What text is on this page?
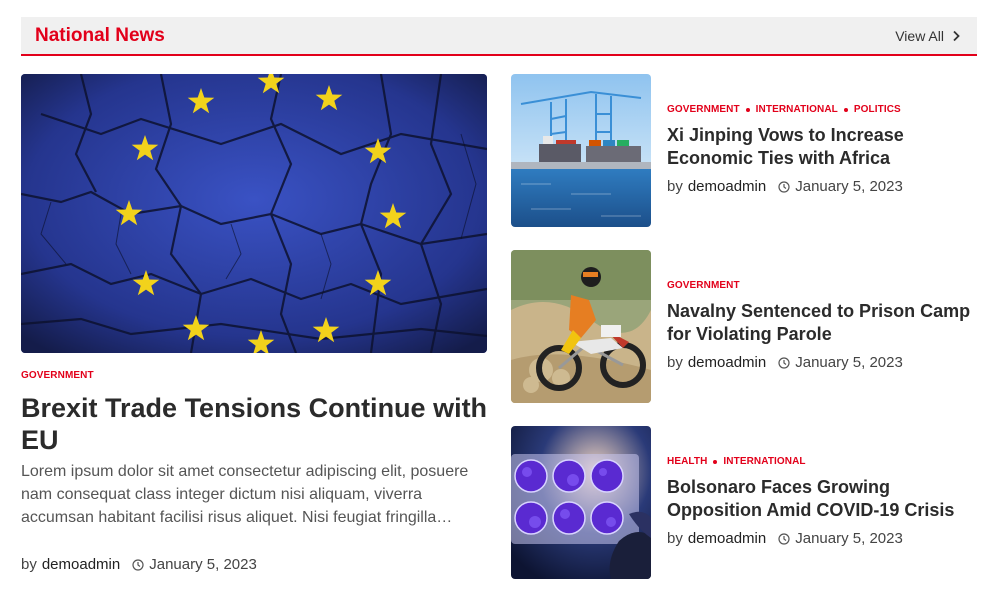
National News	View All
GOVERNMENT
Brexit Trade Tensions Continue with EU
Lorem ipsum dolor sit amet consectetur adipiscing elit, posuere nam consequat class integer dictum nisi aliquam, viverra accumsan habitant facilisi risus aliquet. Nisi feugiat fringilla…
by demoadmin January 5, 2023
GOVERNMENT INTERNATIONAL POLITICS
Xi Jinping Vows to Increase Economic Ties with Africa
by demoadmin January 5, 2023
GOVERNMENT
Navalny Sentenced to Prison Camp for Violating Parole
by demoadmin January 5, 2023
HEALTH INTERNATIONAL
Bolsonaro Faces Growing Opposition Amid COVID-19 Crisis
by demoadmin January 5, 2023
